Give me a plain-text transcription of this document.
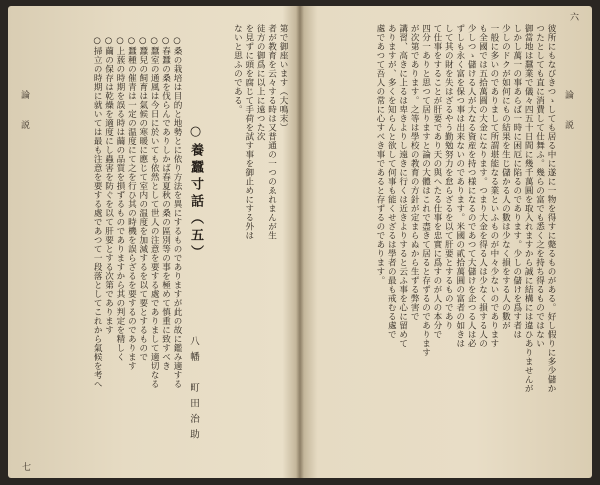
論　説
六

彼所にもなびきつゝしても居る中に遂に一物を得すに斃るものがある。好し假りに多少儲か

つたとしても直に消費して仕舞ふ。幾らの富でも悉く之を持ち得るものではない

御當地は蠶業で儀々四五十日間に幾千萬圓を取入れますから誠に結構には違ひありませんが

しかし萬一の事あらば一時に困厄に陷るのであります。少しの儲けを爲す者は

少しのドクが如何にもの結果を生じ儲かる人の數は少なく損をする人の數が

一般に多いのでありまして所謂堪能なる業といふものが中々少ないのであります

も全國では五拾萬圓の大金になります。つまり大金を得る人は少なく損する人の

少しつゝ儲ける人が大なる資産を持つ様になるのであつて大儲けを企つる人は必

ずしも永く富を保つ事は出来ないのであります。米國の貳拾萬圓の富者の如きは

して其の財を失はざるやう勤勉努力を怠らざるを以て肝要とするものであり

て仕事をすることが肝要であり天の與へたる仕事を忠實に爲すのが人の本分で

四分一ありと思つて居りますと論の大體はこれで盡きて居ると存ずるのであります

が次第であります。之等は學校の教育の方針が定まらぬから生ずる弊害で

講習、高きに上るは卑きよりし遠きに行くは近きよりすると云ふ事を心に留めて

ありますが、多くを知らんと欲して何事も能くせざるは學者の最も戒むる處で

處であつて吾人の常に心すべき事であると存ずるのであります。

論　説
七

第で御座います（大鳴末）

者が教育を云々する時は又普通の一つのゑれまんが生徒方の御爲に以上に遠つた次

を見ずに頭を腐じて手荷を試す事を御止めにする外はないと思ふのである。

○養蠶寸話（五）
八幡　町田治助

○桑の栽培は目的と地勢とに依り方法を異にするものでありますが此の故に鑑み適する

○春蠶の桑を伐らんでありしかば春夏秋の桑の區別等の事を極めて慎重に致すべき

○蠶室の通風は今日に於いても依然として世人の注意を要する處でありまして適切なる

○蠶兒の飼育は氣候の寒暖に應じて室内の温度を加減するを以て要とするもので

○蠶種の催青は一定の温度にて之を行ひ其の時機を誤らざるを要するのであります

○上蔟の時期を誤る時は繭の品質を損ずるものでありますから其の判定を精しく

○繭の保存は乾燥を適度にし蟲害を防ぐを以て肝要とする次第であります

○掃立の時期に就いては最も注意を要する處であつて一段落としてこれから氣候を考へ
